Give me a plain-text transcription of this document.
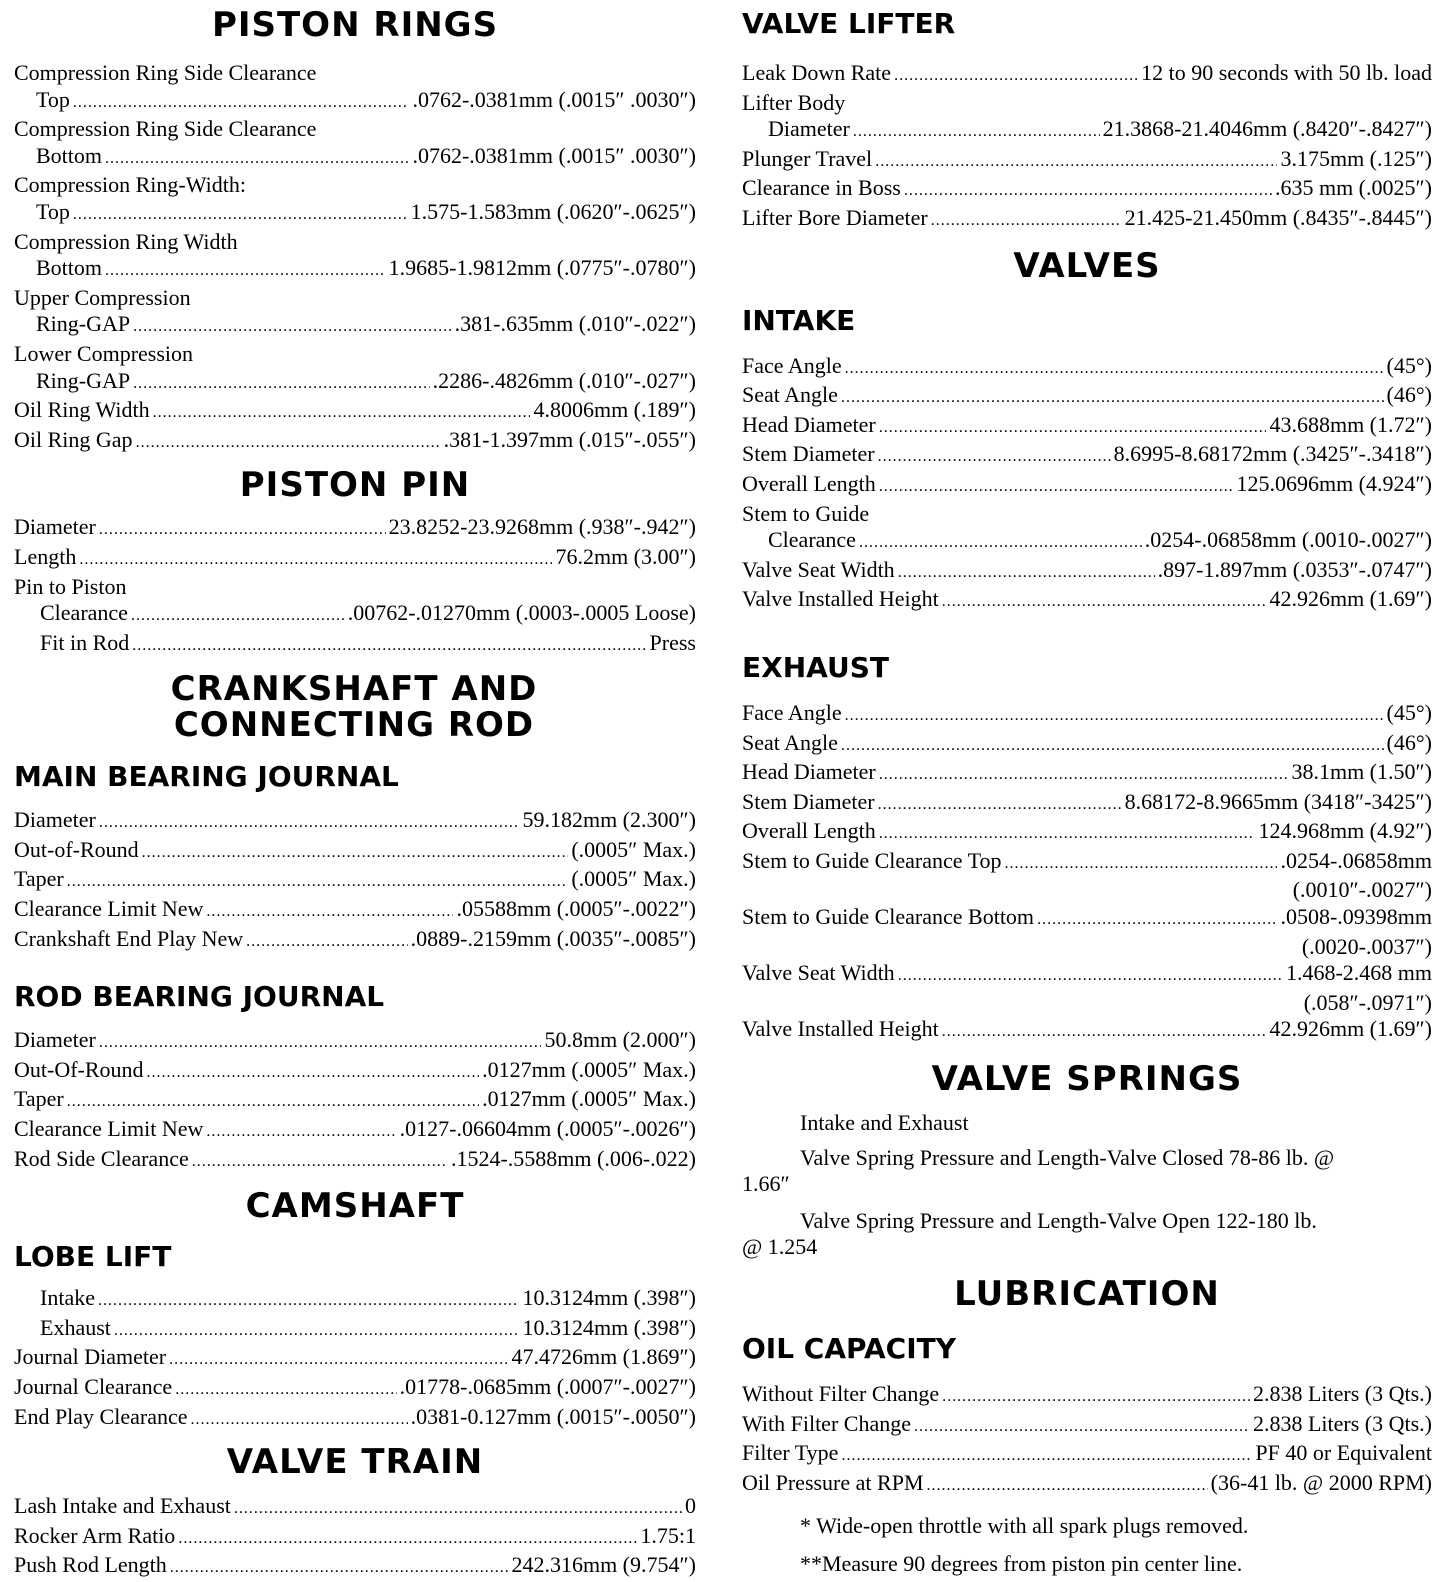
PISTON RINGS
Compression Ring Side Clearance
Top .....	.0762-.0381mm (.0015″ .0030″)
Compression Ring Side Clearance
Bottom .....	.0762-.0381mm (.0015″ .0030″)
Compression Ring-Width:
Top .....	1.575-1.583mm (.0620″-.0625″)
Compression Ring Width
Bottom .....	1.9685-1.9812mm (.0775″-.0780″)
Upper Compression
Ring-GAP .....	.381-.635mm (.010″-.022″)
Lower Compression
Ring-GAP .....	.2286-.4826mm (.010″-.027″)
Oil Ring Width .....	4.8006mm (.189″)
Oil Ring Gap .....	.381-1.397mm (.015″-.055″)
PISTON PIN
Diameter .....	23.8252-23.9268mm (.938″-.942″)
Length .....	76.2mm (3.00″)
Pin to Piston
Clearance .....	.00762-.01270mm (.0003-.0005 Loose)
Fit in Rod .....	Press
CRANKSHAFT AND CONNECTING ROD
MAIN BEARING JOURNAL
Diameter .....	59.182mm (2.300″)
Out-of-Round .....	(.0005″ Max.)
Taper .....	(.0005″ Max.)
Clearance Limit New .....	.05588mm (.0005″-.0022″)
Crankshaft End Play New .....	.0889-.2159mm (.0035″-.0085″)
ROD BEARING JOURNAL
Diameter .....	50.8mm (2.000″)
Out-Of-Round .....	.0127mm (.0005″ Max.)
Taper .....	.0127mm (.0005″ Max.)
Clearance Limit New .....	.0127-.06604mm (.0005″-.0026″)
Rod Side Clearance .....	.1524-.5588mm (.006-.022)
CAMSHAFT
LOBE LIFT
Intake .....	10.3124mm (.398″)
Exhaust .....	10.3124mm (.398″)
Journal Diameter .....	47.4726mm (1.869″)
Journal Clearance .....	.01778-.0685mm (.0007″-.0027″)
End Play Clearance .....	.0381-0.127mm (.0015″-.0050″)
VALVE TRAIN
Lash Intake and Exhaust .....	0
Rocker Arm Ratio .....	1.75:1
Push Rod Length .....	242.316mm (9.754″)
VALVE LIFTER
Leak Down Rate .....	12 to 90 seconds with 50 lb. load
Lifter Body
Diameter .....	21.3868-21.4046mm (.8420″-.8427″)
Plunger Travel .....	3.175mm (.125″)
Clearance in Boss .....	.635 mm (.0025″)
Lifter Bore Diameter .....	21.425-21.450mm (.8435″-.8445″)
VALVES
INTAKE
Face Angle .....	(45°)
Seat Angle .....	(46°)
Head Diameter .....	43.688mm (1.72″)
Stem Diameter .....	8.6995-8.68172mm (.3425″-.3418″)
Overall Length .....	125.0696mm (4.924″)
Stem to Guide
Clearance .....	.0254-.06858mm (.0010-.0027″)
Valve Seat Width .....	.897-1.897mm (.0353″-.0747″)
Valve Installed Height .....	42.926mm (1.69″)
EXHAUST
Face Angle .....	(45°)
Seat Angle .....	(46°)
Head Diameter .....	38.1mm (1.50″)
Stem Diameter .....	8.68172-8.9665mm (3418″-3425″)
Overall Length .....	124.968mm (4.92″)
Stem to Guide Clearance Top .....	.0254-.06858mm
(.0010″-.0027″)
Stem to Guide Clearance Bottom .....	.0508-.09398mm
(.0020-.0037″)
Valve Seat Width .....	1.468-2.468 mm
(.058″-.0971″)
Valve Installed Height .....	42.926mm (1.69″)
VALVE SPRINGS
Intake and Exhaust
Valve Spring Pressure and Length-Valve Closed 78-86 lb. @
1.66″
Valve Spring Pressure and Length-Valve Open 122-180 lb.
@ 1.254
LUBRICATION
OIL CAPACITY
Without Filter Change .....	2.838 Liters (3 Qts.)
With Filter Change .....	2.838 Liters (3 Qts.)
Filter Type .....	PF 40 or Equivalent
Oil Pressure at RPM .....	(36-41 lb. @ 2000 RPM)
* Wide-open throttle with all spark plugs removed.
**Measure 90 degrees from piston pin center line.
